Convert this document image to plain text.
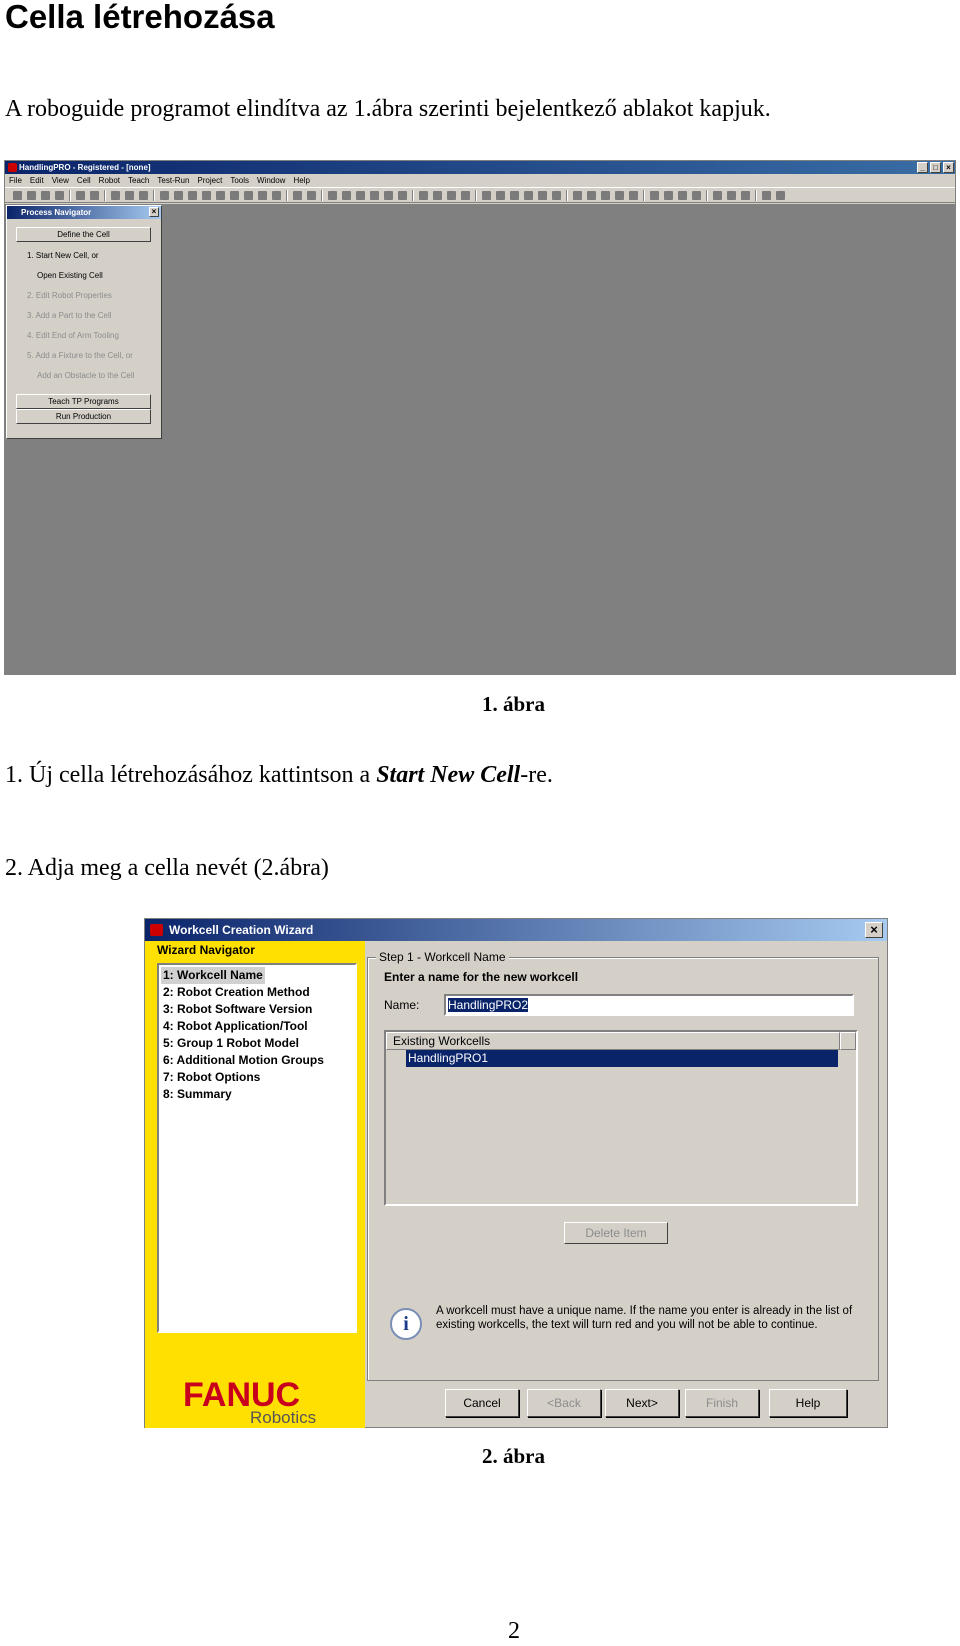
Cella létrehozása
A roboguide programot elindítva az 1.ábra szerinti bejelentkező ablakot kapjuk.
HandlingPRO - Registered - [none]	_	□	×
File Edit View Cell Robot Teach Test-Run Project Tools Window Help
Process Navigator	×
Define the Cell
1. Start New Cell, or
Open Existing Cell
2. Edit Robot Properties
3. Add a Part to the Cell
4. Edit End of Arm Tooling
5. Add a Fixture to the Cell, or
Add an Obstacle to the Cell
Teach TP Programs
Run Production
1. ábra
1. Új cella létrehozásához kattintson a Start New Cell-re.
2. Adja meg a cella nevét (2.ábra)
Workcell Creation Wizard	×
Wizard Navigator
1: Workcell Name
2: Robot Creation Method
3: Robot Software Version
4: Robot Application/Tool
5: Group 1 Robot Model
6: Additional Motion Groups
7: Robot Options
8: Summary
FANUC
Robotics
Step 1 - Workcell Name
Enter a name for the new workcell
Name:	HandlingPRO2
Existing Workcells
HandlingPRO1
Delete Item
i
A workcell must have a unique name. If the name you enter is already in the list of existing workcells, the text will turn red and you will not be able to continue.
Cancel	<Back	Next>	Finish	Help
2. ábra
2
